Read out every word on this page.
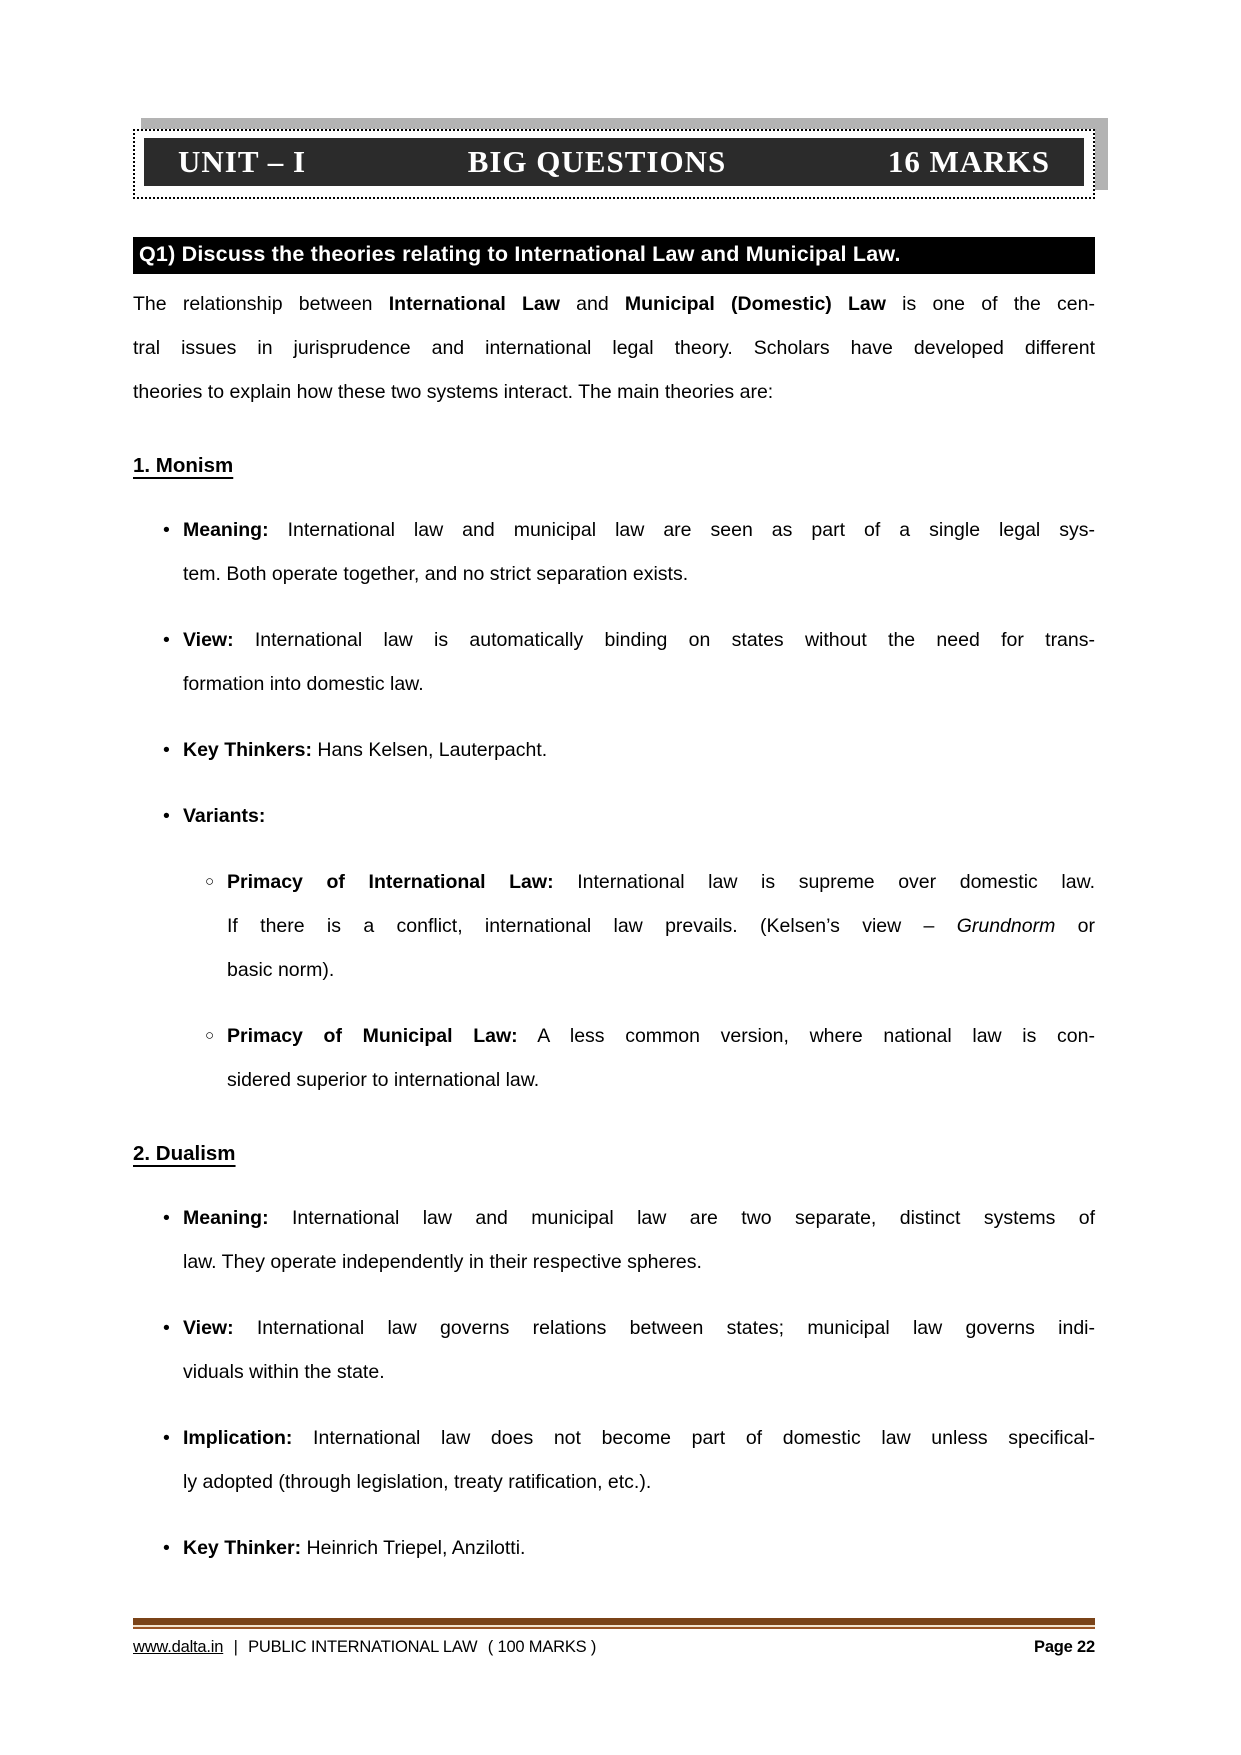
UNIT – I	BIG QUESTIONS	16 MARKS
Q1) Discuss the theories relating to International Law and Municipal Law.
The relationship between International Law and Municipal (Domestic) Law is one of the cen-
tral issues in jurisprudence and international legal theory. Scholars have developed different
theories to explain how these two systems interact. The main theories are:
1. Monism
• Meaning: International law and municipal law are seen as part of a single legal sys-
tem. Both operate together, and no strict separation exists.
• View: International law is automatically binding on states without the need for trans-
formation into domestic law.
• Key Thinkers: Hans Kelsen, Lauterpacht.
• Variants:
○ Primacy of International Law: International law is supreme over domestic law.
If there is a conflict, international law prevails. (Kelsen’s view – Grundnorm or
basic norm).
○ Primacy of Municipal Law: A less common version, where national law is con-
sidered superior to international law.
2. Dualism
• Meaning: International law and municipal law are two separate, distinct systems of
law. They operate independently in their respective spheres.
• View: International law governs relations between states; municipal law governs indi-
viduals within the state.
• Implication: International law does not become part of domestic law unless specifical-
ly adopted (through legislation, treaty ratification, etc.).
• Key Thinker: Heinrich Triepel, Anzilotti.
www.dalta.in | PUBLIC INTERNATIONAL LAW ( 100 MARKS )	Page 22
